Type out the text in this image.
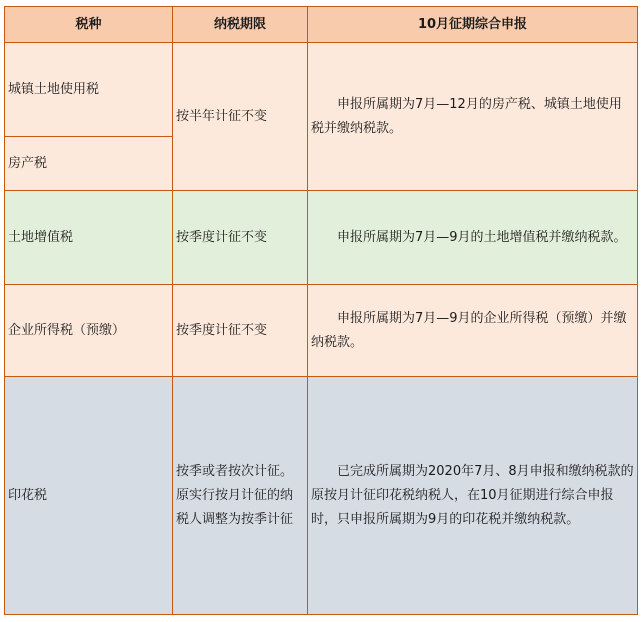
税种	纳税期限	10月征期综合申报
城镇土地使用税	按半年计征不变	申报所属期为7月—12月的房产税、城镇土地使用税并缴纳税款。
房产税		
土地增值税	按季度计征不变	申报所属期为7月—9月的土地增值税并缴纳税款。
企业所得税（预缴）	按季度计征不变	申报所属期为7月—9月的企业所得税（预缴）并缴纳税款。
印花税	按季或者按次计征。原实行按月计征的纳税人调整为按季计征	已完成所属期为2020年7月、8月申报和缴纳税款的原按月计征印花税纳税人，在10月征期进行综合申报时，只申报所属期为9月的印花税并缴纳税款。
